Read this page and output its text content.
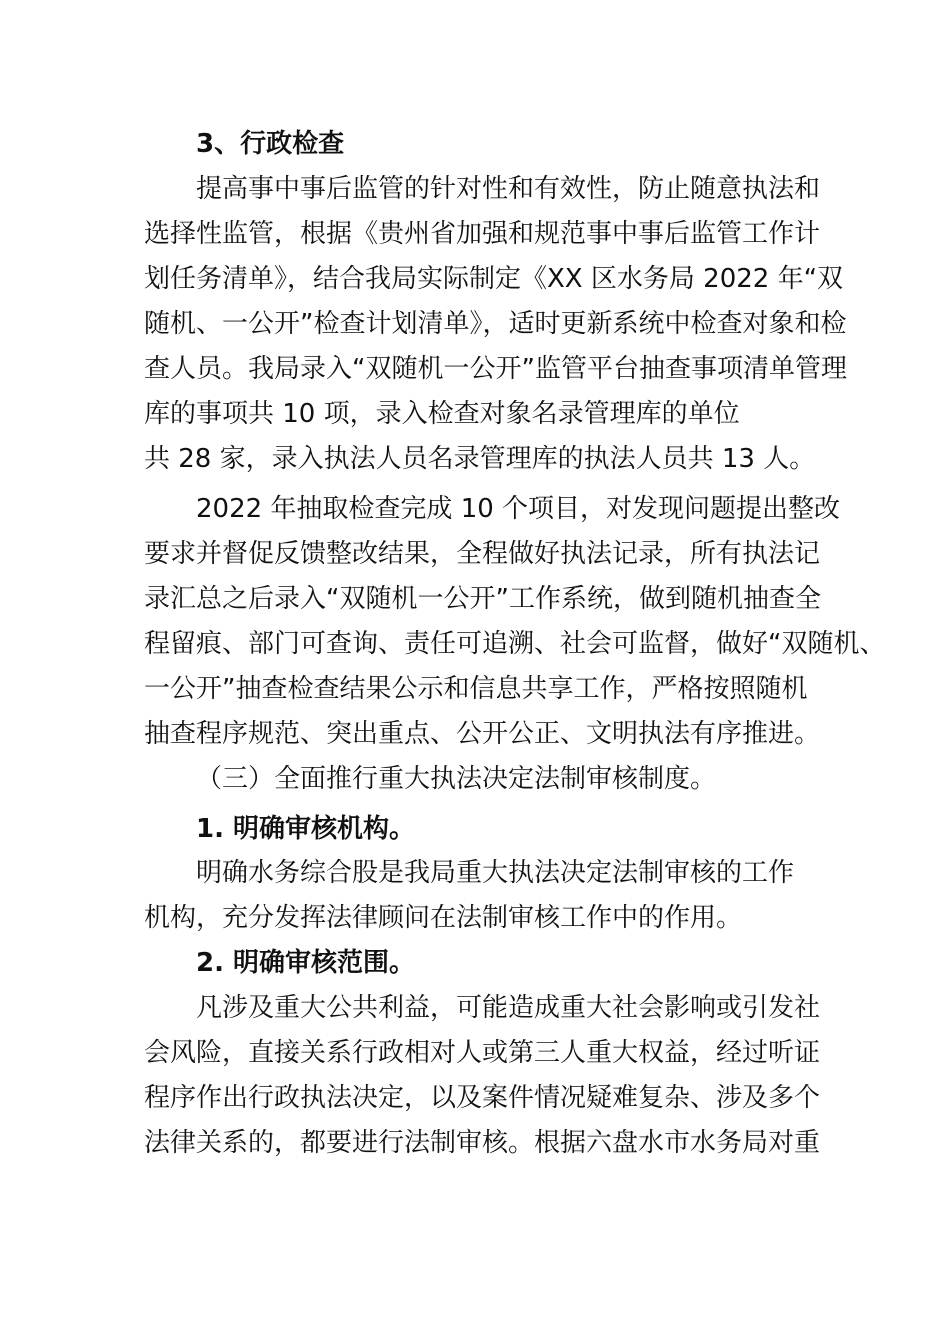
3、行政检查
提高事中事后监管的针对性和有效性，防止随意执法和
选择性监管，根据《贵州省加强和规范事中事后监管工作计
划任务清单》，结合我局实际制定《XX 区水务局 2022 年“双
随机、一公开”检查计划清单》，适时更新系统中检查对象和检
查人员。我局录入“双随机一公开”监管平台抽查事项清单管理
库的事项共 10 项，录入检查对象名录管理库的单位
共 28 家，录入执法人员名录管理库的执法人员共 13 人。
2022 年抽取检查完成 10 个项目，对发现问题提出整改
要求并督促反馈整改结果，全程做好执法记录，所有执法记
录汇总之后录入“双随机一公开”工作系统，做到随机抽查全
程留痕、部门可查询、责任可追溯、社会可监督，做好“双随机、
一公开”抽查检查结果公示和信息共享工作，严格按照随机
抽查程序规范、突出重点、公开公正、文明执法有序推进。
（三）全面推行重大执法决定法制审核制度。
1. 明确审核机构。
明确水务综合股是我局重大执法决定法制审核的工作
机构，充分发挥法律顾问在法制审核工作中的作用。
2. 明确审核范围。
凡涉及重大公共利益，可能造成重大社会影响或引发社
会风险，直接关系行政相对人或第三人重大权益，经过听证
程序作出行政执法决定，以及案件情况疑难复杂、涉及多个
法律关系的，都要进行法制审核。根据六盘水市水务局对重
